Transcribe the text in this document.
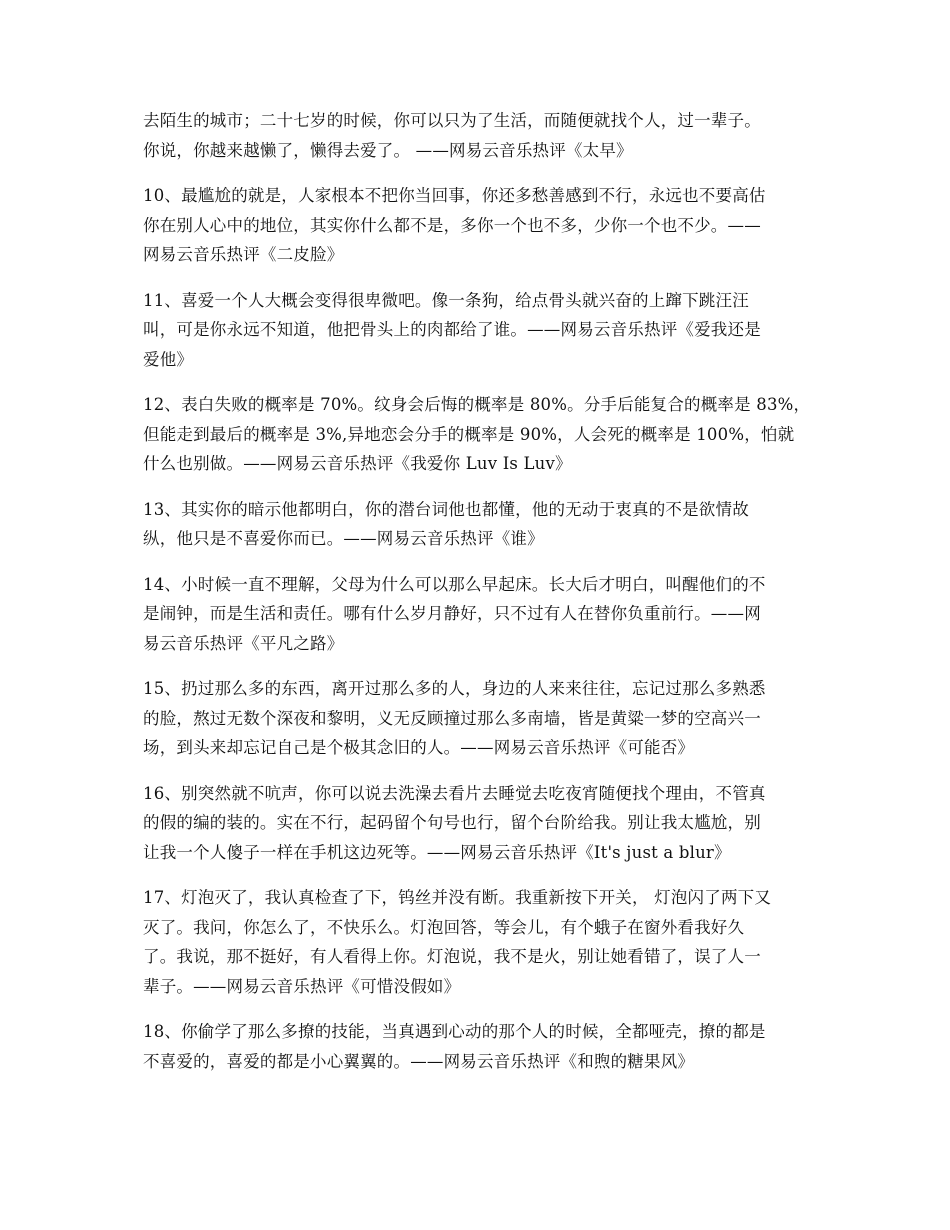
去陌生的城市；二十七岁的时候，你可以只为了生活，而随便就找个人，过一辈子。
你说，你越来越懒了，懒得去爱了。 ——网易云音乐热评《太早》

10、最尴尬的就是，人家根本不把你当回事，你还多愁善感到不行，永远也不要高估
你在别人心中的地位，其实你什么都不是，多你一个也不多，少你一个也不少。——
网易云音乐热评《二皮脸》

11、喜爱一个人大概会变得很卑微吧。像一条狗，给点骨头就兴奋的上蹿下跳汪汪
叫，可是你永远不知道，他把骨头上的肉都给了谁。——网易云音乐热评《爱我还是
爱他》

12、表白失败的概率是 70%。纹身会后悔的概率是 80%。分手后能复合的概率是 83%，
但能走到最后的概率是 3%,异地恋会分手的概率是 90%，人会死的概率是 100%，怕就
什么也别做。——网易云音乐热评《我爱你 Luv Is Luv》

13、其实你的暗示他都明白，你的潜台词他也都懂，他的无动于衷真的不是欲情故
纵，他只是不喜爱你而已。——网易云音乐热评《谁》

14、小时候一直不理解，父母为什么可以那么早起床。长大后才明白，叫醒他们的不
是闹钟，而是生活和责任。哪有什么岁月静好，只不过有人在替你负重前行。——网
易云音乐热评《平凡之路》

15、扔过那么多的东西，离开过那么多的人，身边的人来来往往，忘记过那么多熟悉
的脸，熬过无数个深夜和黎明，义无反顾撞过那么多南墙，皆是黄粱一梦的空高兴一
场，到头来却忘记自己是个极其念旧的人。——网易云音乐热评《可能否》

16、别突然就不吭声，你可以说去洗澡去看片去睡觉去吃夜宵随便找个理由，不管真
的假的编的装的。实在不行，起码留个句号也行，留个台阶给我。别让我太尴尬，别
让我一个人傻子一样在手机这边死等。——网易云音乐热评《It's just a blur》

17、灯泡灭了，我认真检查了下，钨丝并没有断。我重新按下开关， 灯泡闪了两下又
灭了。我问，你怎么了，不快乐么。灯泡回答，等会儿，有个蛾子在窗外看我好久
了。我说，那不挺好，有人看得上你。灯泡说，我不是火，别让她看错了，误了人一
辈子。——网易云音乐热评《可惜没假如》

18、你偷学了那么多撩的技能，当真遇到心动的那个人的时候，全都哑壳，撩的都是
不喜爱的，喜爱的都是小心翼翼的。——网易云音乐热评《和煦的糖果风》
